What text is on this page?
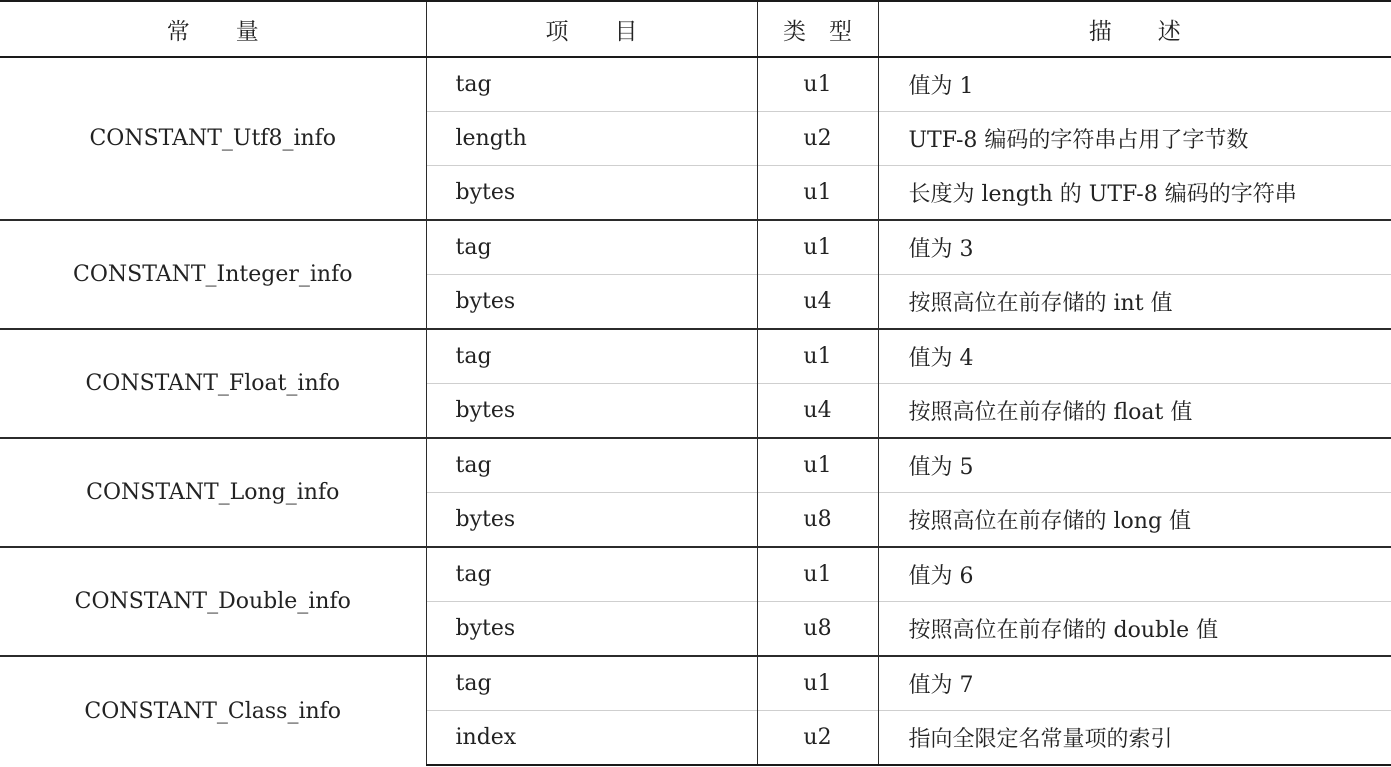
常　　量	项　　目	类　型	描　　述
CONSTANT_Utf8_info	tag	u1	值为 1
	length	u2	UTF-8 编码的字符串占用了字节数
	bytes	u1	长度为 length 的 UTF-8 编码的字符串
CONSTANT_Integer_info	tag	u1	值为 3
	bytes	u4	按照高位在前存储的 int 值
CONSTANT_Float_info	tag	u1	值为 4
	bytes	u4	按照高位在前存储的 float 值
CONSTANT_Long_info	tag	u1	值为 5
	bytes	u8	按照高位在前存储的 long 值
CONSTANT_Double_info	tag	u1	值为 6
	bytes	u8	按照高位在前存储的 double 值
CONSTANT_Class_info	tag	u1	值为 7
	index	u2	指向全限定名常量项的索引
